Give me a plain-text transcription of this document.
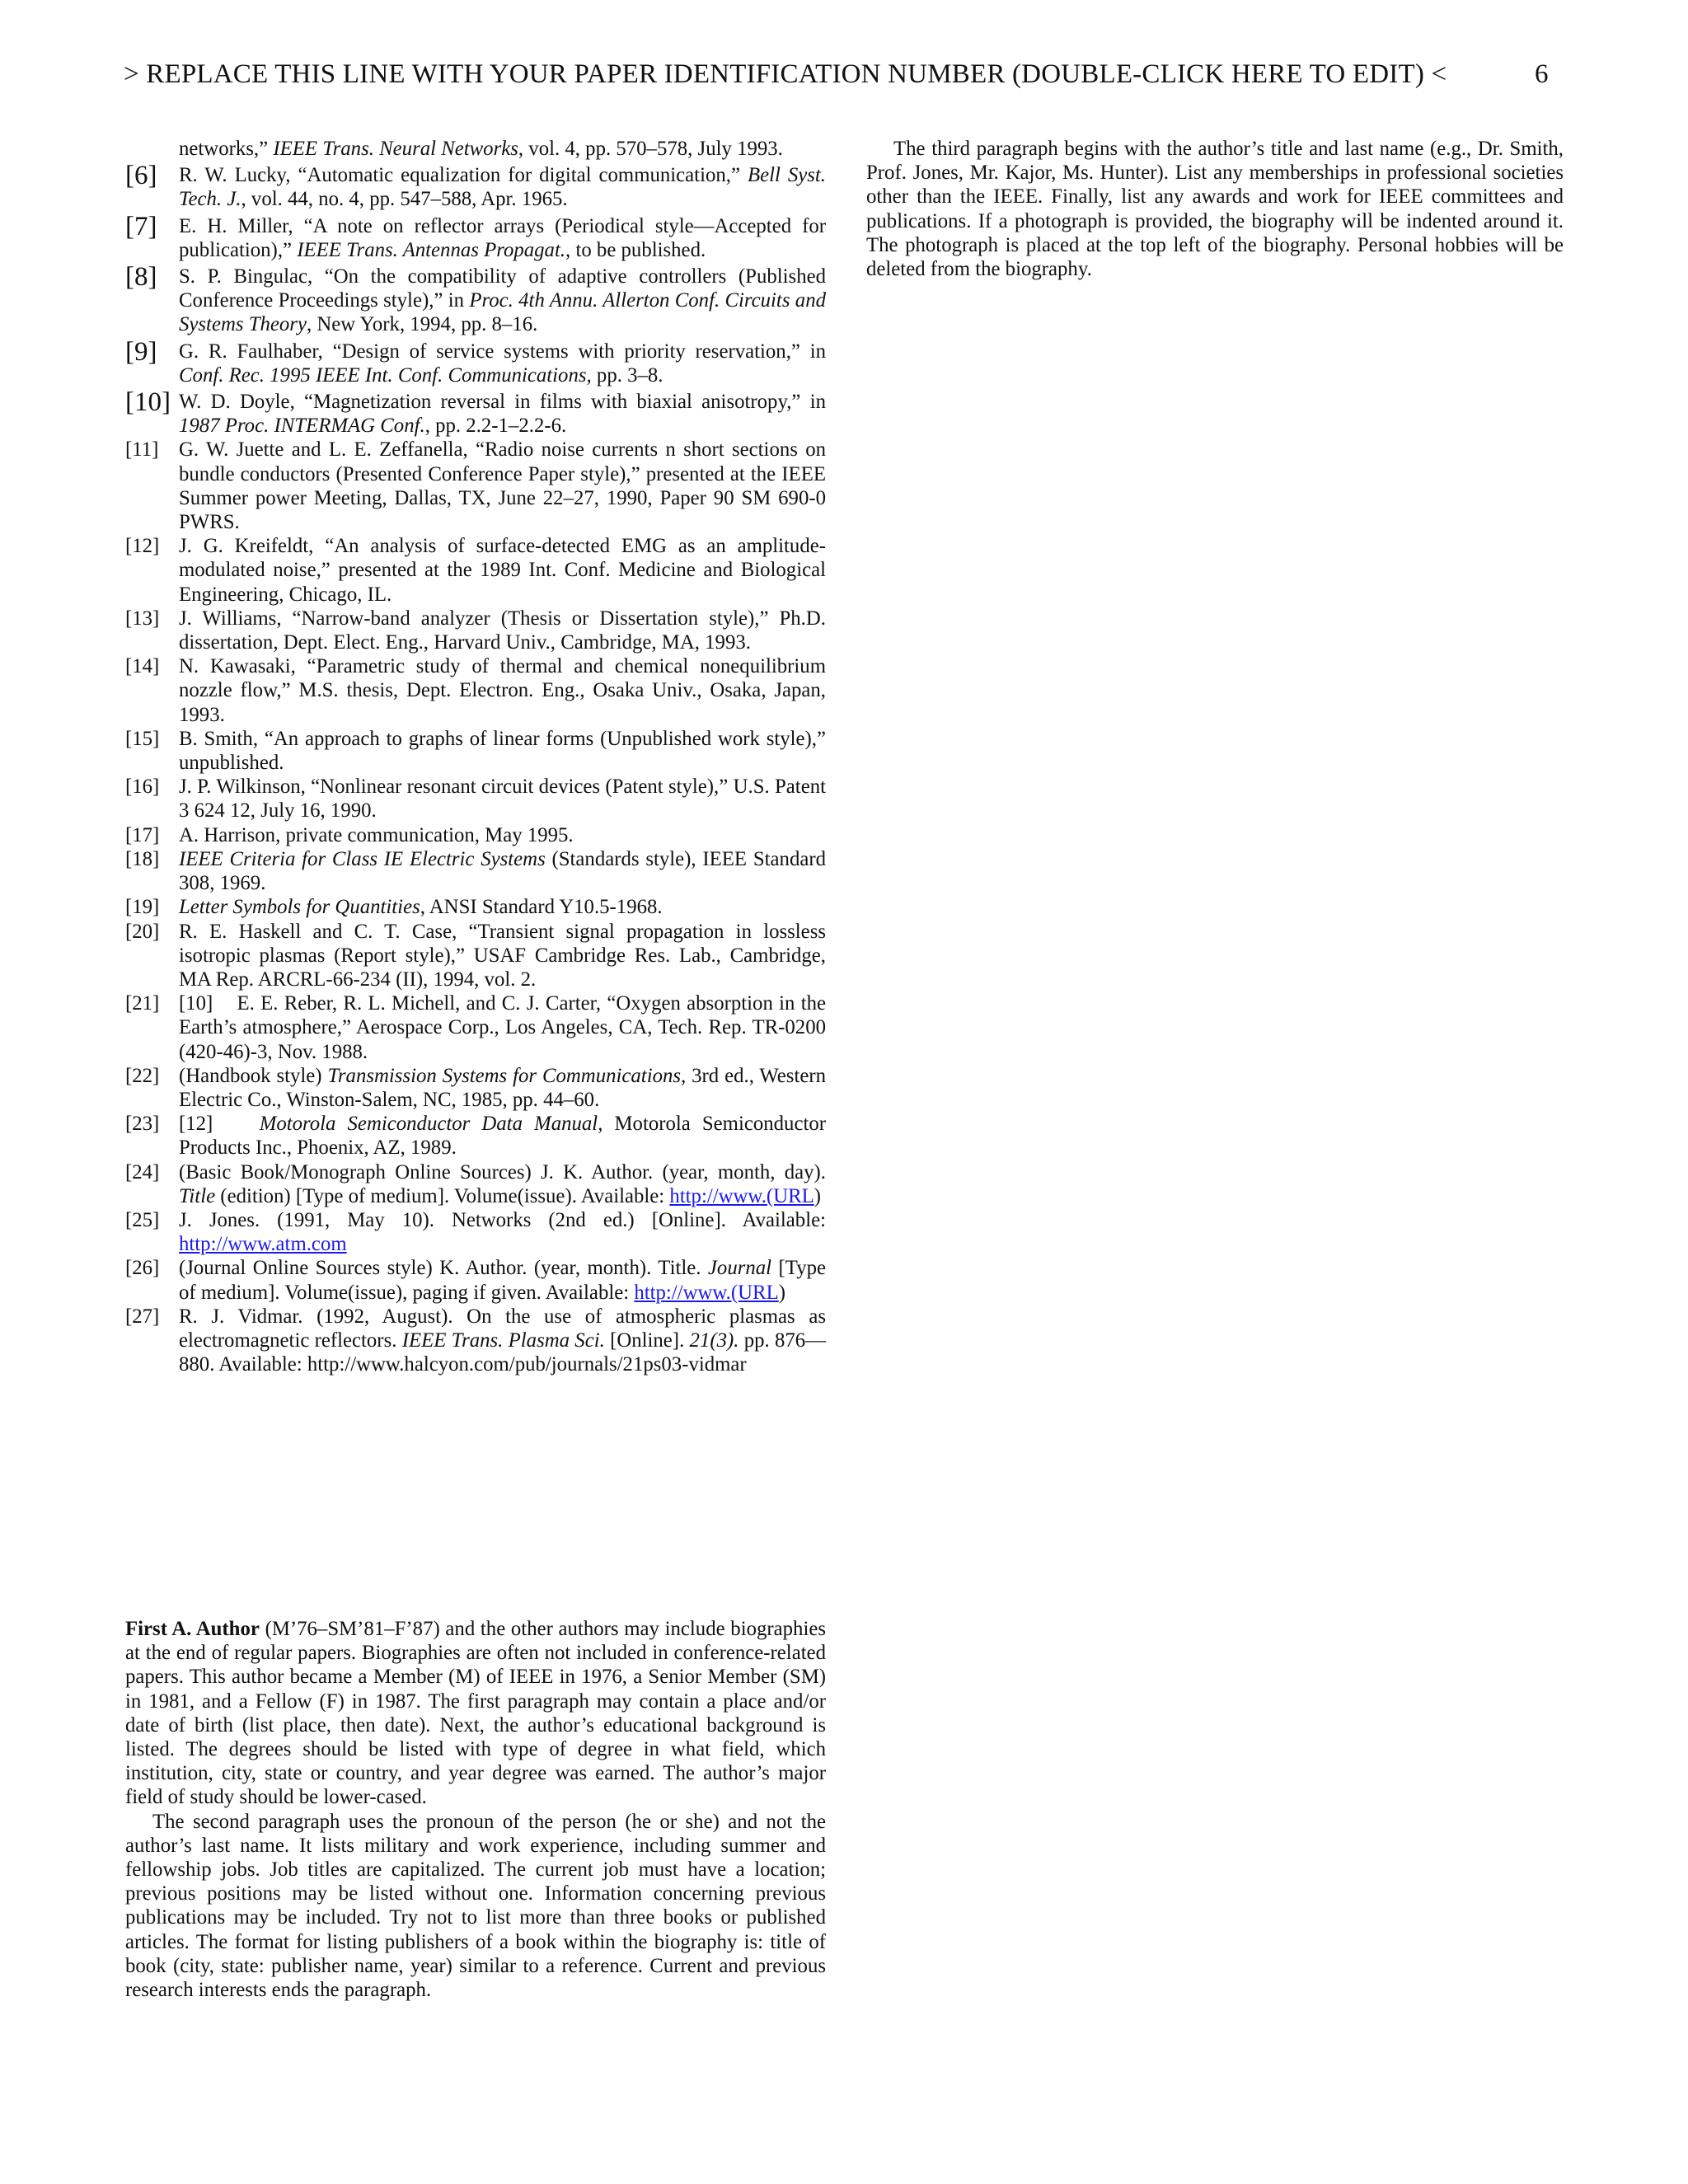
> REPLACE THIS LINE WITH YOUR PAPER IDENTIFICATION NUMBER (DOUBLE-CLICK HERE TO EDIT) <	6
networks,” IEEE Trans. Neural Networks, vol. 4, pp. 570–578, July 1993.
[6] R. W. Lucky, “Automatic equalization for digital communication,” Bell Syst. Tech. J., vol. 44, no. 4, pp. 547–588, Apr. 1965.
[7] E. H. Miller, “A note on reflector arrays (Periodical style—Accepted for publication),” IEEE Trans. Antennas Propagat., to be published.
[8] S. P. Bingulac, “On the compatibility of adaptive controllers (Published Conference Proceedings style),” in Proc. 4th Annu. Allerton Conf. Circuits and Systems Theory, New York, 1994, pp. 8–16.
[9] G. R. Faulhaber, “Design of service systems with priority reservation,” in Conf. Rec. 1995 IEEE Int. Conf. Communications, pp. 3–8.
[10] W. D. Doyle, “Magnetization reversal in films with biaxial anisotropy,” in 1987 Proc. INTERMAG Conf., pp. 2.2-1–2.2-6.
[11] G. W. Juette and L. E. Zeffanella, “Radio noise currents n short sections on bundle conductors (Presented Conference Paper style),” presented at the IEEE Summer power Meeting, Dallas, TX, June 22–27, 1990, Paper 90 SM 690-0 PWRS.
[12] J. G. Kreifeldt, “An analysis of surface-detected EMG as an amplitude-modulated noise,” presented at the 1989 Int. Conf. Medicine and Biological Engineering, Chicago, IL.
[13] J. Williams, “Narrow-band analyzer (Thesis or Dissertation style),” Ph.D. dissertation, Dept. Elect. Eng., Harvard Univ., Cambridge, MA, 1993.
[14] N. Kawasaki, “Parametric study of thermal and chemical nonequilibrium nozzle flow,” M.S. thesis, Dept. Electron. Eng., Osaka Univ., Osaka, Japan, 1993.
[15] B. Smith, “An approach to graphs of linear forms (Unpublished work style),” unpublished.
[16] J. P. Wilkinson, “Nonlinear resonant circuit devices (Patent style),” U.S. Patent 3 624 12, July 16, 1990.
[17] A. Harrison, private communication, May 1995.
[18] IEEE Criteria for Class IE Electric Systems (Standards style), IEEE Standard 308, 1969.
[19] Letter Symbols for Quantities, ANSI Standard Y10.5-1968.
[20] R. E. Haskell and C. T. Case, “Transient signal propagation in lossless isotropic plasmas (Report style),” USAF Cambridge Res. Lab., Cambridge, MA Rep. ARCRL-66-234 (II), 1994, vol. 2.
[21] [10]    E. E. Reber, R. L. Michell, and C. J. Carter, “Oxygen absorption in the Earth’s atmosphere,” Aerospace Corp., Los Angeles, CA, Tech. Rep. TR-0200 (420-46)-3, Nov. 1988.
[22] (Handbook style) Transmission Systems for Communications, 3rd ed., Western Electric Co., Winston-Salem, NC, 1985, pp. 44–60.
[23] [12]    Motorola Semiconductor Data Manual, Motorola Semiconductor Products Inc., Phoenix, AZ, 1989.
[24] (Basic Book/Monograph Online Sources) J. K. Author. (year, month, day). Title (edition) [Type of medium]. Volume(issue). Available: http://www.(URL)
[25] J. Jones. (1991, May 10). Networks (2nd ed.) [Online]. Available: http://www.atm.com
[26] (Journal Online Sources style) K. Author. (year, month). Title. Journal [Type of medium]. Volume(issue), paging if given. Available: http://www.(URL)
[27] R. J. Vidmar. (1992, August). On the use of atmospheric plasmas as electromagnetic reflectors. IEEE Trans. Plasma Sci. [Online]. 21(3). pp. 876—880. Available: http://www.halcyon.com/pub/journals/21ps03-vidmar
First A. Author (M’76–SM’81–F’87) and the other authors may include biographies at the end of regular papers. Biographies are often not included in conference-related papers. This author became a Member (M) of IEEE in 1976, a Senior Member (SM) in 1981, and a Fellow (F) in 1987. The first paragraph may contain a place and/or date of birth (list place, then date). Next, the author’s educational background is listed. The degrees should be listed with type of degree in what field, which institution, city, state or country, and year degree was earned. The author’s major field of study should be lower-cased.
The second paragraph uses the pronoun of the person (he or she) and not the author’s last name. It lists military and work experience, including summer and fellowship jobs. Job titles are capitalized. The current job must have a location; previous positions may be listed without one. Information concerning previous publications may be included. Try not to list more than three books or published articles. The format for listing publishers of a book within the biography is: title of book (city, state: publisher name, year) similar to a reference. Current and previous research interests ends the paragraph.
The third paragraph begins with the author’s title and last name (e.g., Dr. Smith, Prof. Jones, Mr. Kajor, Ms. Hunter). List any memberships in professional societies other than the IEEE. Finally, list any awards and work for IEEE committees and publications. If a photograph is provided, the biography will be indented around it. The photograph is placed at the top left of the biography. Personal hobbies will be deleted from the biography.
